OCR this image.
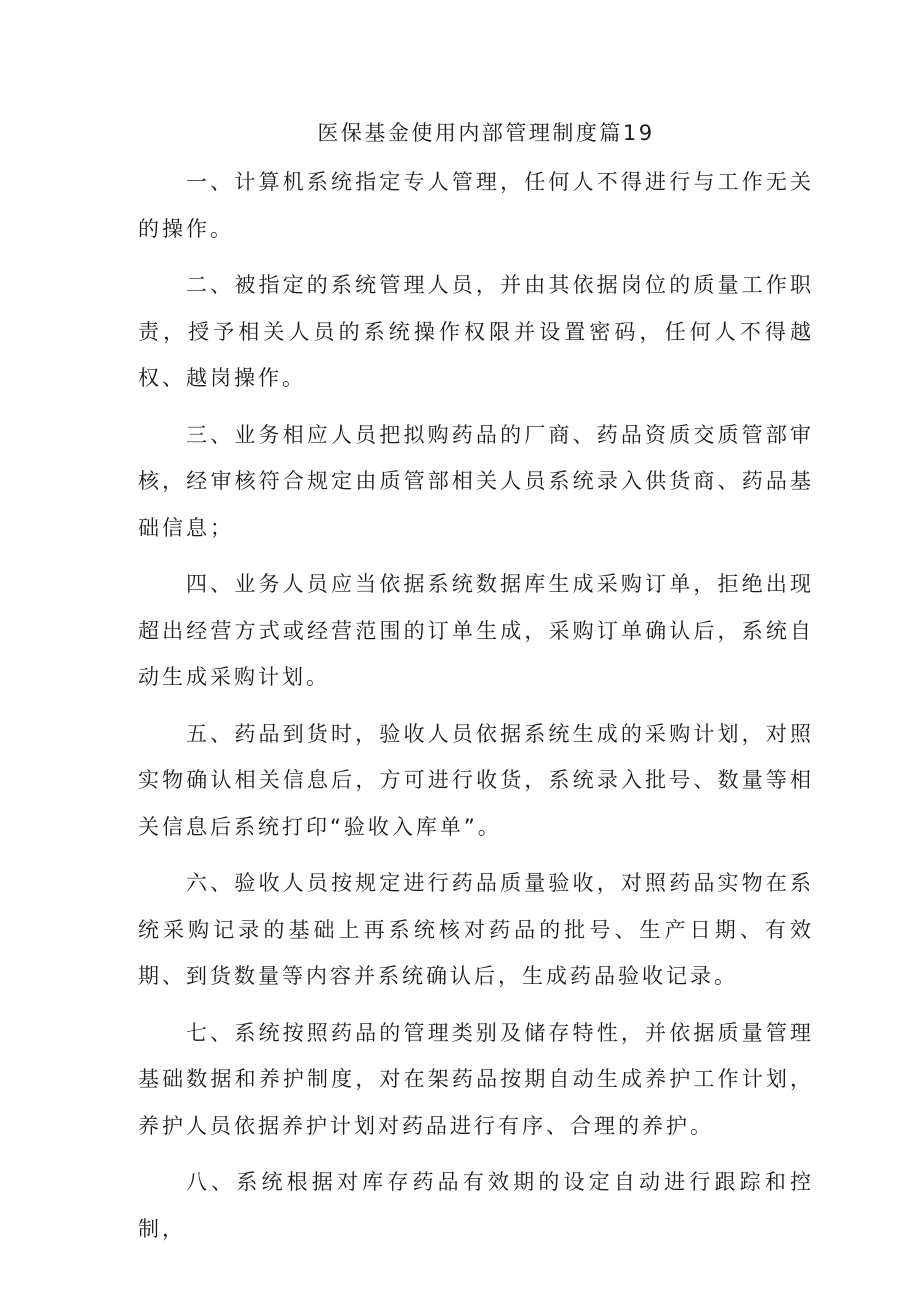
医保基金使用内部管理制度篇19

一、计算机系统指定专人管理，任何人不得进行与工作无关的操作。

二、被指定的系统管理人员，并由其依据岗位的质量工作职责，授予相关人员的系统操作权限并设置密码，任何人不得越权、越岗操作。

三、业务相应人员把拟购药品的厂商、药品资质交质管部审核，经审核符合规定由质管部相关人员系统录入供货商、药品基础信息；

四、业务人员应当依据系统数据库生成采购订单，拒绝出现超出经营方式或经营范围的订单生成，采购订单确认后，系统自动生成采购计划。

五、药品到货时，验收人员依据系统生成的采购计划，对照实物确认相关信息后，方可进行收货，系统录入批号、数量等相关信息后系统打印“验收入库单”。

六、验收人员按规定进行药品质量验收，对照药品实物在系统采购记录的基础上再系统核对药品的批号、生产日期、有效期、到货数量等内容并系统确认后，生成药品验收记录。

七、系统按照药品的管理类别及储存特性，并依据质量管理基础数据和养护制度，对在架药品按期自动生成养护工作计划，养护人员依据养护计划对药品进行有序、合理的养护。

八、系统根据对库存药品有效期的设定自动进行跟踪和控制，
